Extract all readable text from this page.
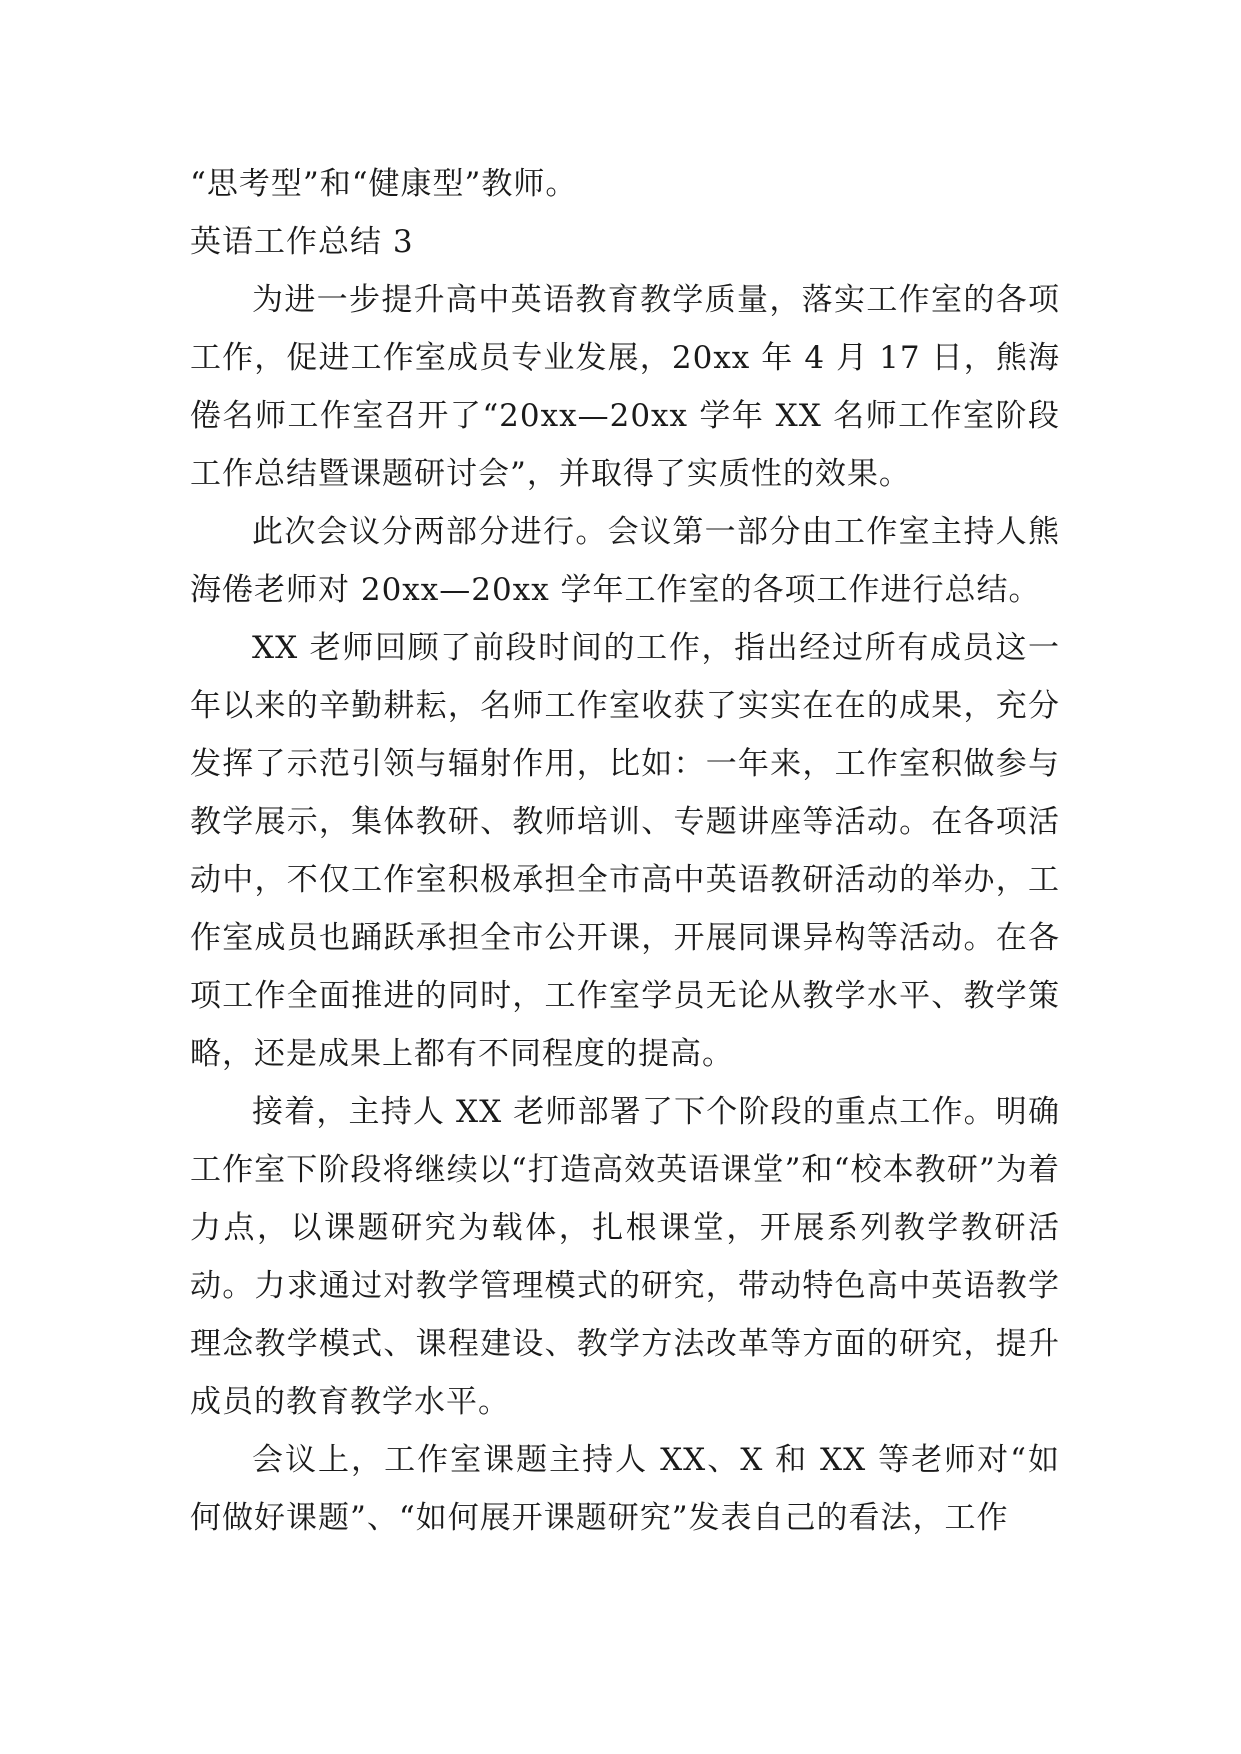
“思考型”和“健康型”教师。

英语工作总结 3

为进一步提升高中英语教育教学质量，落实工作室的各项工作，促进工作室成员专业发展，20xx 年 4 月 17 日，熊海倦名师工作室召开了“20xx—20xx 学年 XX 名师工作室阶段工作总结暨课题研讨会”，并取得了实质性的效果。

此次会议分两部分进行。会议第一部分由工作室主持人熊海倦老师对 20xx—20xx 学年工作室的各项工作进行总结。

XX 老师回顾了前段时间的工作，指出经过所有成员这一年以来的辛勤耕耘，名师工作室收获了实实在在的成果，充分发挥了示范引领与辐射作用，比如：一年来，工作室积做参与教学展示，集体教研、教师培训、专题讲座等活动。在各项活动中，不仅工作室积极承担全市高中英语教研活动的举办，工作室成员也踊跃承担全市公开课，开展同课异构等活动。在各项工作全面推进的同时，工作室学员无论从教学水平、教学策略，还是成果上都有不同程度的提高。

接着，主持人 XX 老师部署了下个阶段的重点工作。明确工作室下阶段将继续以“打造高效英语课堂”和“校本教研”为着力点，以课题研究为载体，扎根课堂，开展系列教学教研活动。力求通过对教学管理模式的研究，带动特色高中英语教学理念教学模式、课程建设、教学方法改革等方面的研究，提升成员的教育教学水平。

会议上，工作室课题主持人 XX、X 和 XX 等老师对“如何做好课题”、“如何展开课题研究”发表自己的看法，工作
